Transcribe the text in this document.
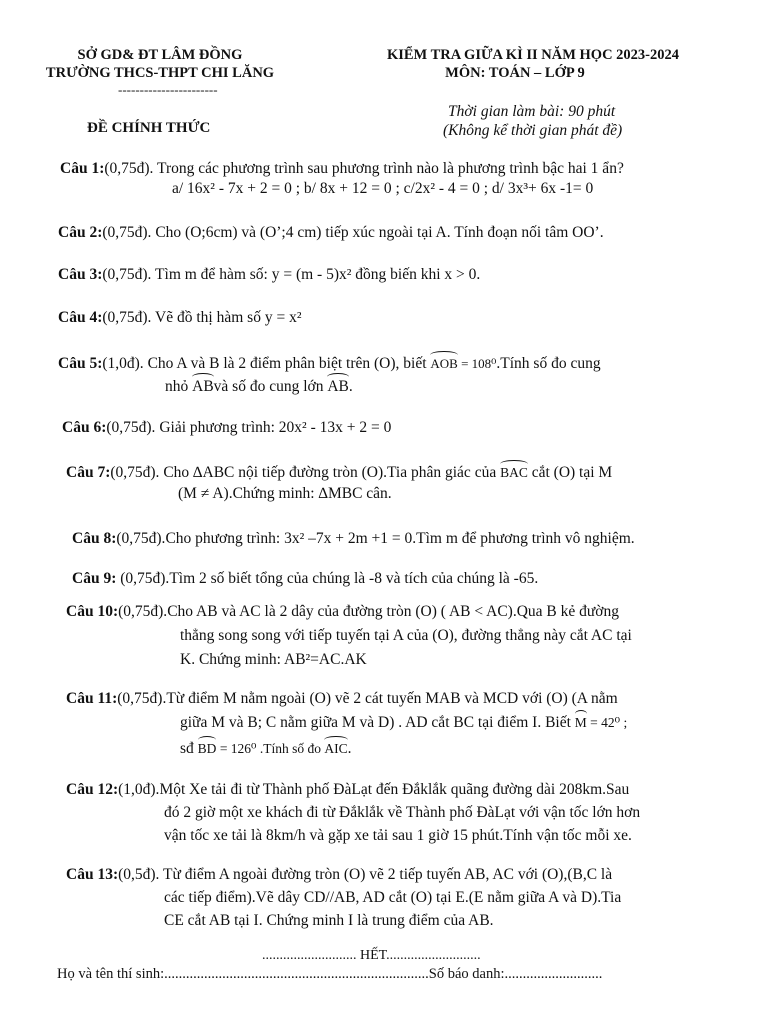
SỞ GD& ĐT LÂM ĐỒNG
TRƯỜNG THCS-THPT CHI LĂNG
-----------------------
KIỂM TRA GIỮA KÌ II NĂM HỌC 2023-2024
MÔN: TOÁN – LỚP 9
ĐỀ CHÍNH THỨC
Thời gian làm bài: 90 phút
(Không kể thời gian phát đề)
Câu 1:(0,75đ). Trong các phương trình sau phương trình nào là phương trình bậc hai 1 ẩn?
a/ 16x² - 7x + 2 = 0 ; b/ 8x + 12 = 0 ; c/2x² - 4 = 0 ; d/ 3x³+ 6x -1= 0
Câu 2:(0,75đ). Cho (O;6cm) và (O’;4 cm) tiếp xúc ngoài tại A. Tính đoạn nối tâm OO’.
Câu 3:(0,75đ). Tìm m để hàm số: y = (m - 5)x² đồng biến khi x > 0.
Câu 4:(0,75đ). Vẽ đồ thị hàm số y = x²
Câu 5:(1,0đ). Cho A và B là 2 điểm phân biệt trên (O), biết AOB = 108⁰.Tính số đo cung
nhỏ ABvà số đo cung lớn AB.
Câu 6:(0,75đ). Giải phương trình: 20x² - 13x + 2 = 0
Câu 7:(0,75đ). Cho ∆ABC nội tiếp đường tròn (O).Tia phân giác của BAC cắt (O) tại M
(M ≠ A).Chứng minh: ∆MBC cân.
Câu 8:(0,75đ).Cho phương trình: 3x² –7x + 2m +1 = 0.Tìm m để phương trình vô nghiệm.
Câu 9: (0,75đ).Tìm 2 số biết tổng của chúng là -8 và tích của chúng là -65.
Câu 10:(0,75đ).Cho AB và AC là 2 dây của đường tròn (O) ( AB < AC).Qua B kẻ đường
thẳng song song với tiếp tuyến tại A của (O), đường thẳng này cắt AC tại
K. Chứng minh: AB²=AC.AK
Câu 11:(0,75đ).Từ điểm M nằm ngoài (O) vẽ 2 cát tuyến MAB và MCD với (O) (A nằm
giữa M và B; C nằm giữa M và D) . AD cắt BC tại điểm I. Biết M = 42⁰ ;
sđ BD = 126⁰ .Tính số đo AIC.
Câu 12:(1,0đ).Một Xe tải đi từ Thành phố ĐàLạt đến Đắklắk quãng đường dài 208km.Sau
đó 2 giờ một xe khách đi từ Đắklắk về Thành phố ĐàLạt với vận tốc lớn hơn
vận tốc xe tải là 8km/h và gặp xe tải sau 1 giờ 15 phút.Tính vận tốc mỗi xe.
Câu 13:(0,5đ). Từ điểm A ngoài đường tròn (O) vẽ 2 tiếp tuyến AB, AC với (O),(B,C là
các tiếp điểm).Vẽ dây CD//AB, AD cắt (O) tại E.(E nằm giữa A và D).Tia
CE cắt AB tại I. Chứng minh I là trung điểm của AB.
........................... HẾT...........................
Họ và tên thí sinh:.........................................................................Số báo danh:...........................
